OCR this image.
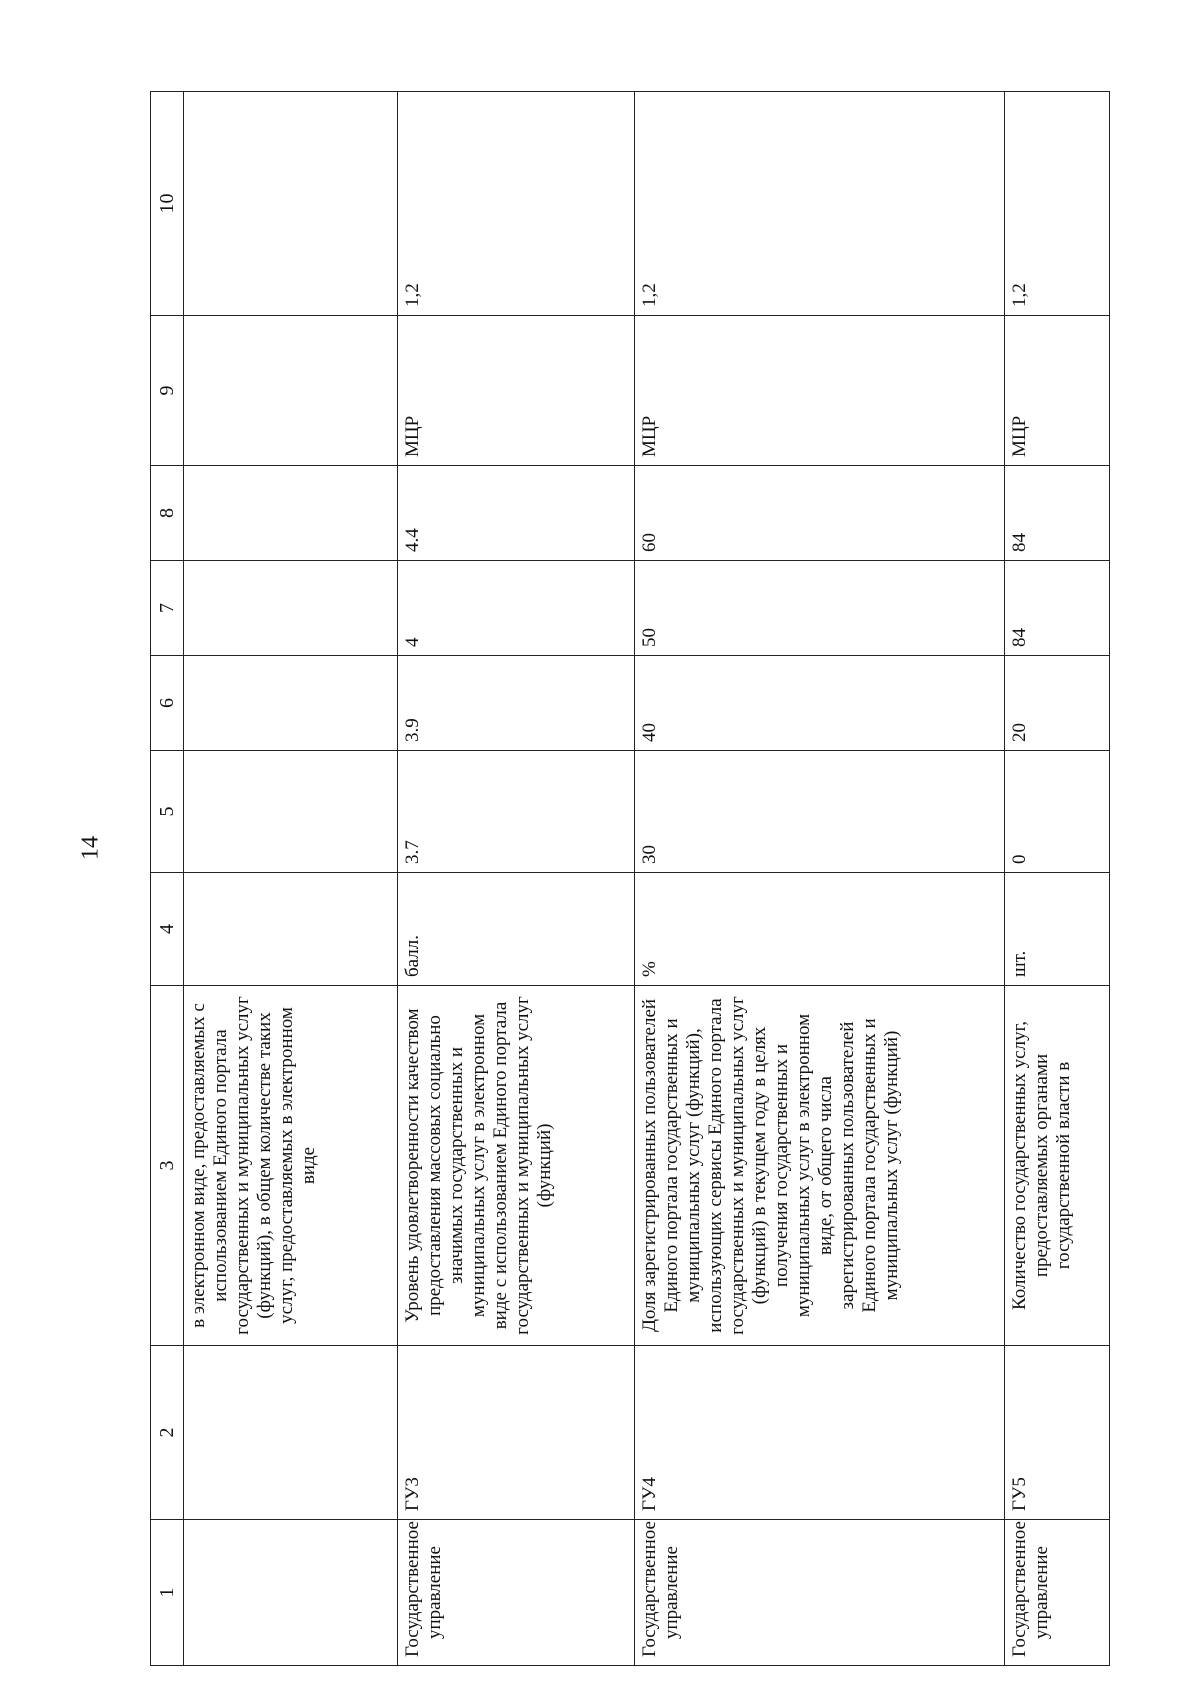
14
1	2	3	4	5	6	7	8	9	10
		в электронном виде, предоставляемых с использованием Единого портала государственных и муниципальных услуг (функций), в общем количестве таких услуг, предоставляемых в электронном виде							
Государственное управление	ГУ3	Уровень удовлетворенности качеством предоставления массовых социально значимых государственных и муниципальных услуг в электронном виде с использованием Единого портала государственных и муниципальных услуг (функций)	балл.	3.7	3.9	4	4.4	МЦР	1,2
Государственное управление	ГУ4	Доля зарегистрированных пользователей Единого портала государственных и муниципальных услуг (функций), использующих сервисы Единого портала государственных и муниципальных услуг (функций) в текущем году в целях получения государственных и муниципальных услуг в электронном виде, от общего числа зарегистрированных пользователей Единого портала государственных и муниципальных услуг (функций)	%	30	40	50	60	МЦР	1,2
Государственное управление	ГУ5	Количество государственных услуг, предоставляемых органами государственной власти в	шт.	0	20	84	84	МЦР	1,2
